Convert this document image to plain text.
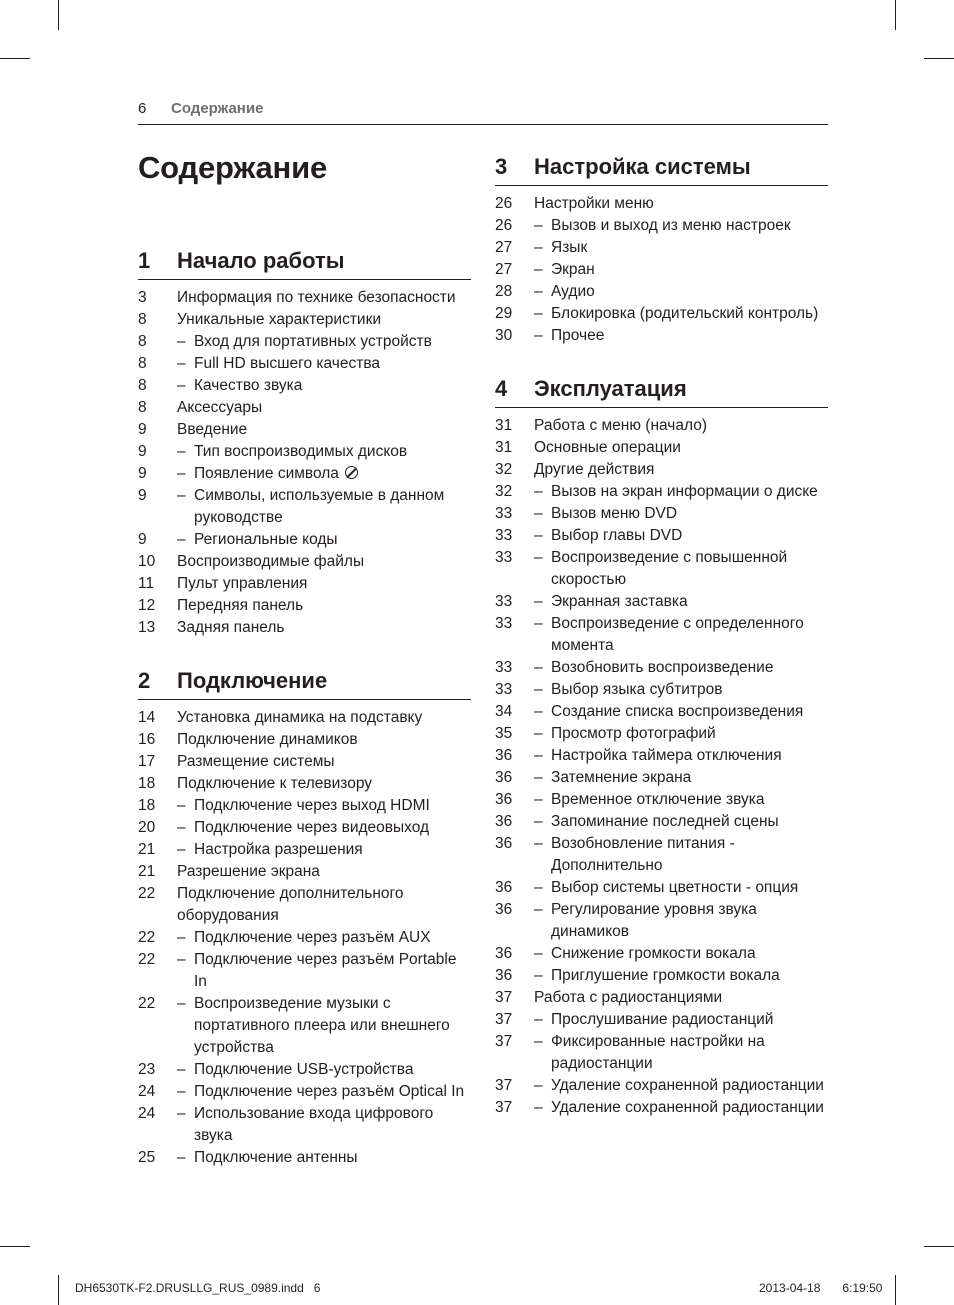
6 Содержание
Содержание
1	Начало работы
3	Информация по технике безопасности
8	Уникальные характеристики
8	– Вход для портативных устройств
8	– Full HD высшего качества
8	– Качество звука
8	Аксессуары
9	Введение
9	– Тип воспроизводимых дисков
9	– Появление символа
9	– Символы, используемые в данном руководстве
9	– Региональные коды
10	Воспроизводимые файлы
11	Пульт управления
12	Передняя панель
13	Задняя панель
2	Подключение
14	Установка динамика на подставку
16	Подключение динамиков
17	Размещение системы
18	Подключение к телевизору
18	– Подключение через выход HDMI
20	– Подключение через видеовыход
21	– Настройка разрешения
21	Разрешение экрана
22	Подключение дополнительного оборудования
22	– Подключение через разъём AUX
22	– Подключение через разъём Portable In
22	– Воспроизведение музыки с портативного плеера или внешнего устройства
23	– Подключение USB-устройства
24	– Подключение через разъём Optical In
24	– Использование входа цифрового звука
25	– Подключение антенны
3	Настройка системы
26	Настройки меню
26	– Вызов и выход из меню настроек
27	– Язык
27	– Экран
28	– Аудио
29	– Блокировка (родительский контроль)
30	– Прочее
4	Эксплуатация
31	Работа с меню (начало)
31	Основные операции
32	Другие действия
32	– Вызов на экран информации о диске
33	– Вызов меню DVD
33	– Выбор главы DVD
33	– Воспроизведение с повышенной скоростью
33	– Экранная заставка
33	– Воспроизведение с определенного момента
33	– Возобновить воспроизведение
33	– Выбор языка субтитров
34	– Создание списка воспроизведения
35	– Просмотр фотографий
36	– Настройка таймера отключения
36	– Затемнение экрана
36	– Временное отключение звука
36	– Запоминание последней сцены
36	– Возобновление питания - Дополнительно
36	– Выбор системы цветности - опция
36	– Регулирование уровня звука динамиков
36	– Снижение громкости вокала
36	– Приглушение громкости вокала
37	Работа с радиостанциями
37	– Прослушивание радиостанций
37	– Фиксированные настройки на радиостанции
37	– Удаление сохраненной радиостанции
37	– Удаление сохраненной радиостанции
DH6530TK-F2.DRUSLLG_RUS_0989.indd   6	2013-04-18 6:19:50
